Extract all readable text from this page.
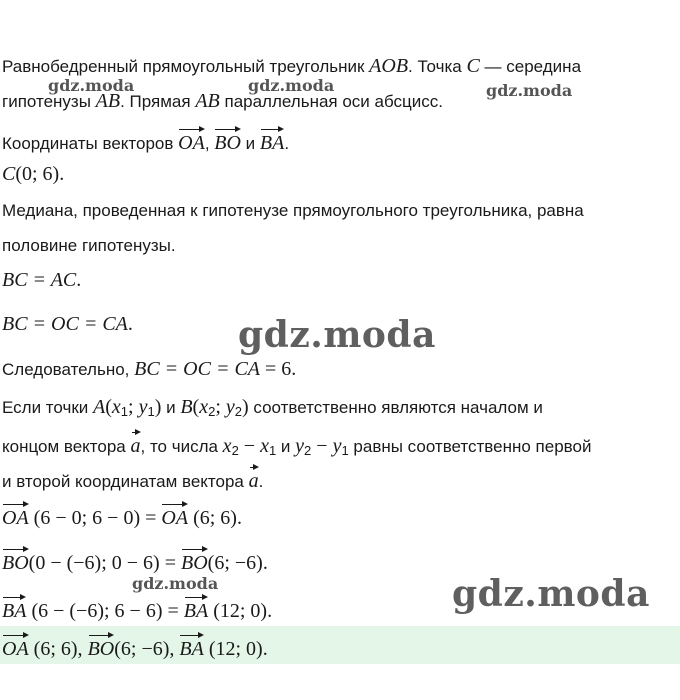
Равнобедренный прямоугольный треугольник AOB. Точка C — середина
гипотенузы AB. Прямая AB параллельная оси абсцисс.
Координаты векторов OA, BO и BA.
C(0; 6).
Медиана, проведенная к гипотенузе прямоугольного треугольника, равна
половине гипотенузы.
BC = AC.
BC = OC = CA.
Следовательно, BC = OC = CA = 6.
Если точки $A(x_1$; $y_1$) и $B(x_2$; $y_2$) соответственно являются началом и
концом вектора a, то числа $x_2 - x_1$ и $y_2 - y_1$ равны соответственно первой
и второй координатам вектора a.
OA (6 − 0; 6 − 0) = OA (6; 6).
BO(0 − (−6); 0 − 6) = BO(6; −6).
BA (6 − (−6); 6 − 6) = BA (12; 0).
OA (6; 6), BO(6; −6), BA (12; 0).
gdz.moda	gdz.moda	gdz.moda
gdz.moda
gdz.moda	gdz.moda
